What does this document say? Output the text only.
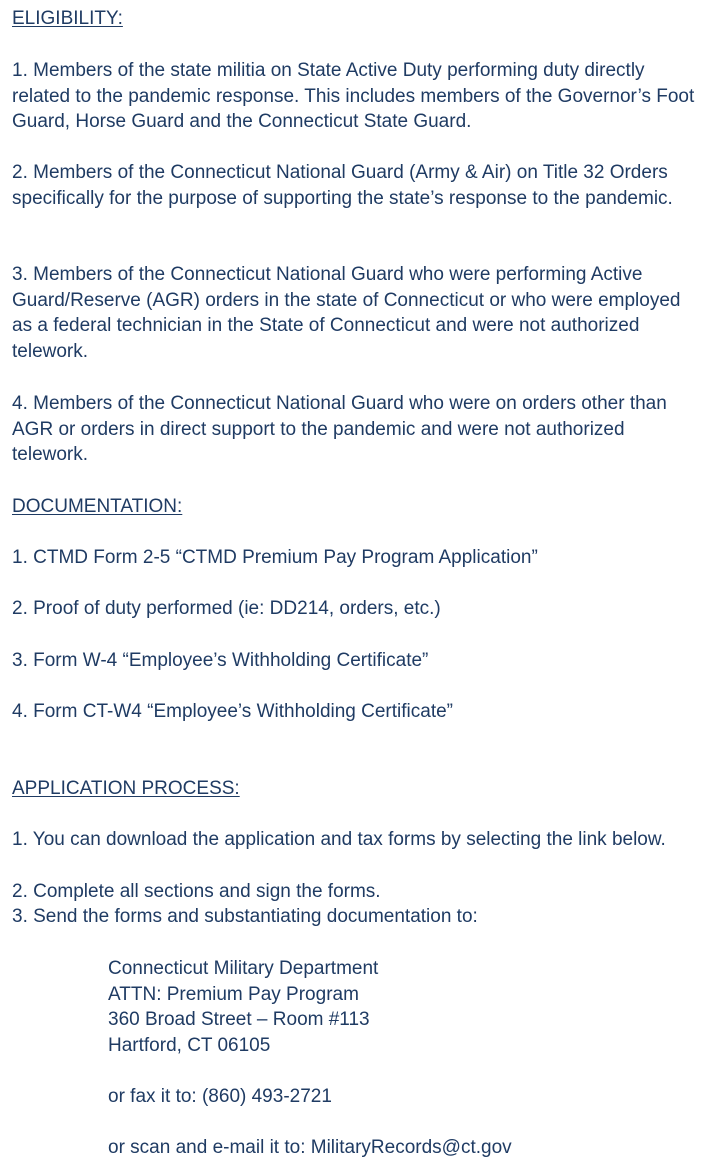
ELIGIBILITY:

1. Members of the state militia on State Active Duty performing duty directly related to the pandemic response. This includes members of the Governor’s Foot Guard, Horse Guard and the Connecticut State Guard.

2. Members of the Connecticut National Guard (Army & Air) on Title 32 Orders specifically for the purpose of supporting the state’s response to the pandemic.

3. Members of the Connecticut National Guard who were performing Active Guard/Reserve (AGR) orders in the state of Connecticut or who were employed as a federal technician in the State of Connecticut and were not authorized telework.

4. Members of the Connecticut National Guard who were on orders other than AGR or orders in direct support to the pandemic and were not authorized telework.

DOCUMENTATION:

1. CTMD Form 2-5 “CTMD Premium Pay Program Application”

2. Proof of duty performed (ie: DD214, orders, etc.)

3. Form W-4 “Employee’s Withholding Certificate”

4. Form CT-W4 “Employee’s Withholding Certificate”

APPLICATION PROCESS:

1. You can download the application and tax forms by selecting the link below.

2. Complete all sections and sign the forms.

3. Send the forms and substantiating documentation to:

Connecticut Military Department
ATTN: Premium Pay Program
360 Broad Street – Room #113
Hartford, CT 06105

or fax it to: (860) 493-2721

or scan and e-mail it to: MilitaryRecords@ct.gov
